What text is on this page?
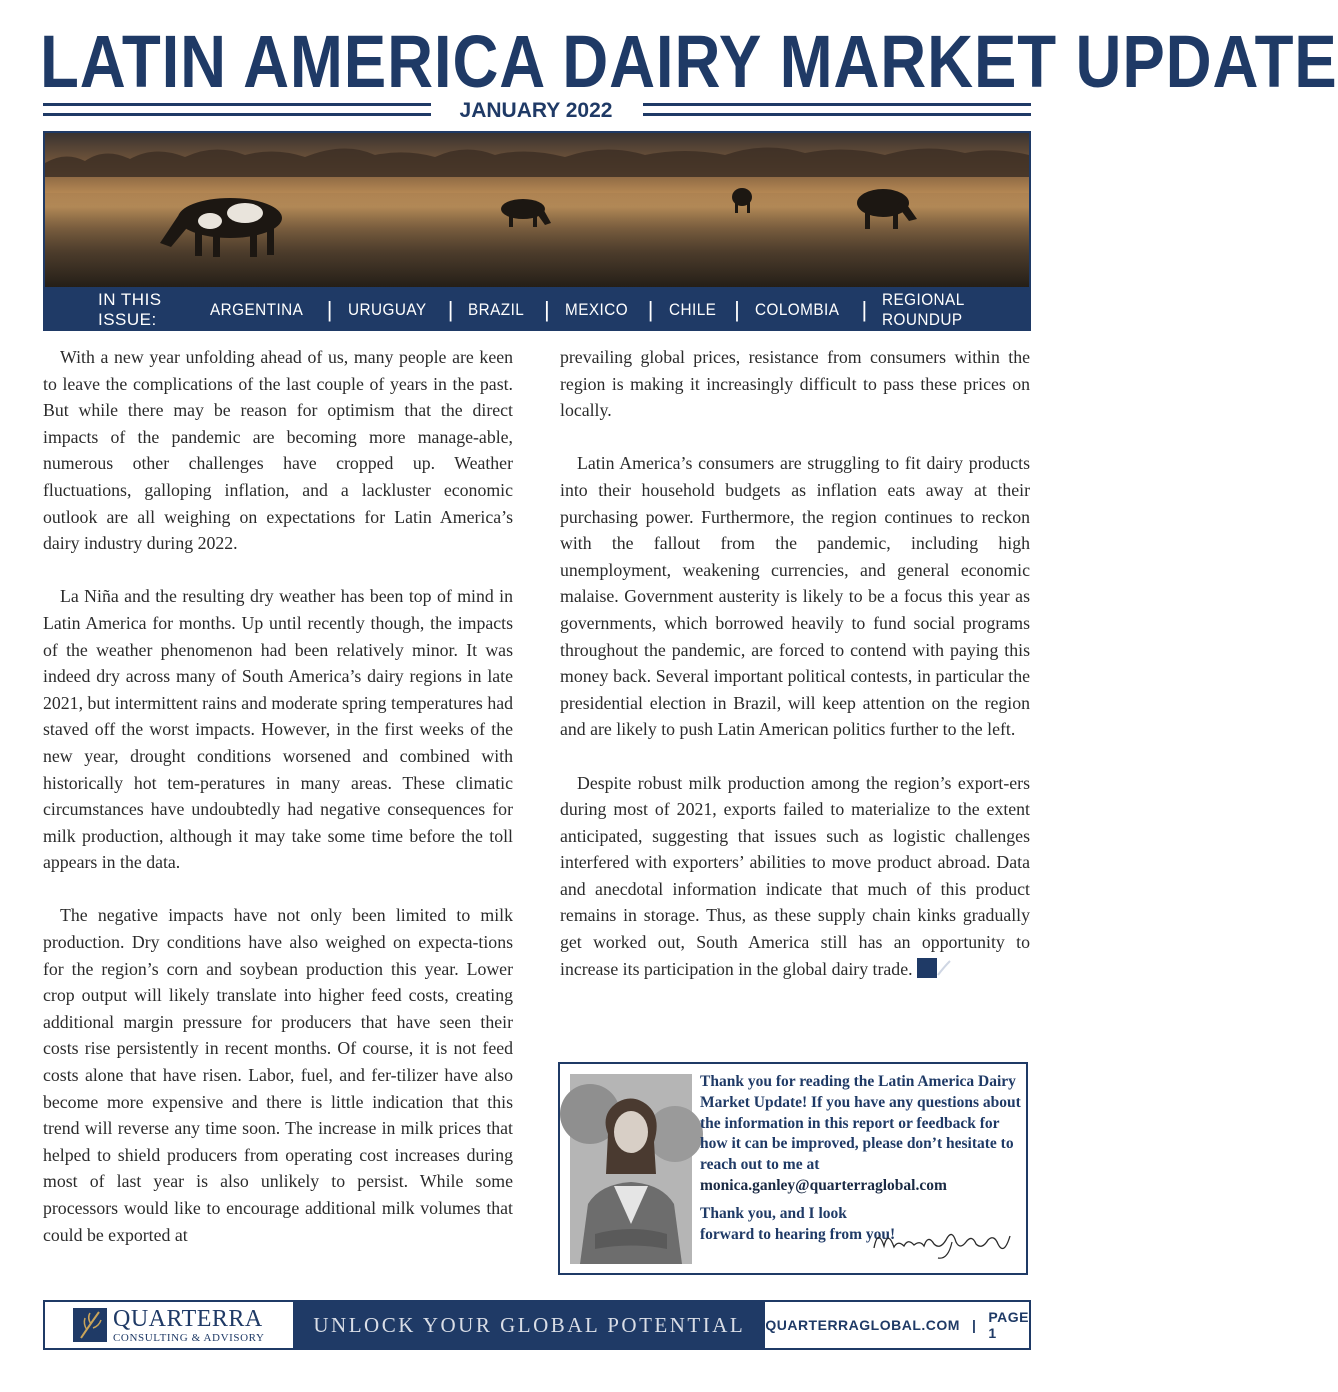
LATIN AMERICA DAIRY MARKET UPDATE
JANUARY 2022
IN THIS ISSUE:
ARGENTINA | URUGUAY | BRAZIL | MEXICO | CHILE | COLOMBIA | REGIONAL ROUNDUP

With a new year unfolding ahead of us, many people are keen to leave the complications of the last couple of years in the past. But while there may be reason for optimism that the direct impacts of the pandemic are becoming more manage-able, numerous other challenges have cropped up. Weather fluctuations, galloping inflation, and a lackluster economic outlook are all weighing on expectations for Latin America’s dairy industry during 2022.

La Niña and the resulting dry weather has been top of mind in Latin America for months. Up until recently though, the impacts of the weather phenomenon had been relatively minor. It was indeed dry across many of South America’s dairy regions in late 2021, but intermittent rains and moderate spring temperatures had staved off the worst impacts. However, in the first weeks of the new year, drought conditions worsened and combined with historically hot tem-peratures in many areas. These climatic circumstances have undoubtedly had negative consequences for milk production, although it may take some time before the toll appears in the data.

The negative impacts have not only been limited to milk production. Dry conditions have also weighed on expecta-tions for the region’s corn and soybean production this year. Lower crop output will likely translate into higher feed costs, creating additional margin pressure for producers that have seen their costs rise persistently in recent months. Of course, it is not feed costs alone that have risen. Labor, fuel, and fer-tilizer have also become more expensive and there is little indication that this trend will reverse any time soon. The increase in milk prices that helped to shield producers from operating cost increases during most of last year is also unlikely to persist. While some processors would like to encourage additional milk volumes that could be exported at

prevailing global prices, resistance from consumers within the region is making it increasingly difficult to pass these prices on locally.

Latin America’s consumers are struggling to fit dairy products into their household budgets as inflation eats away at their purchasing power. Furthermore, the region continues to reckon with the fallout from the pandemic, including high unemployment, weakening currencies, and general economic malaise. Government austerity is likely to be a focus this year as governments, which borrowed heavily to fund social programs throughout the pandemic, are forced to contend with paying this money back. Several important political contests, in particular the presidential election in Brazil, will keep attention on the region and are likely to push Latin American politics further to the left.

Despite robust milk production among the region’s export-ers during most of 2021, exports failed to materialize to the extent anticipated, suggesting that issues such as logistic challenges interfered with exporters’ abilities to move product abroad. Data and anecdotal information indicate that much of this product remains in storage. Thus, as these supply chain kinks gradually get worked out, South America still has an opportunity to increase its participation in the global dairy trade.

Thank you for reading the Latin America Dairy Market Update! If you have any questions about the information in this report or feedback for how it can be improved, please don’t hesitate to reach out to me at monica.ganley@quarterraglobal.com
Thank you, and I look forward to hearing from you!
QUARTERRA
CONSULTING & ADVISORY
UNLOCK YOUR GLOBAL POTENTIAL	QUARTERRAGLOBAL.COM | PAGE 1
